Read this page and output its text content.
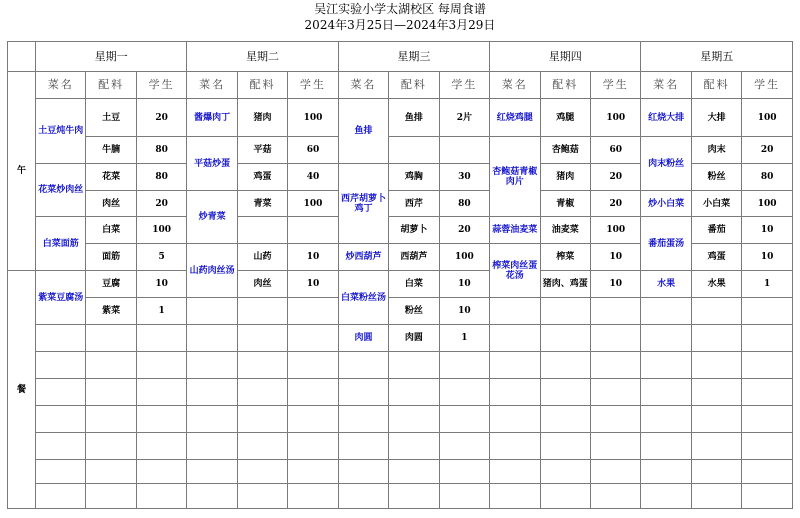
吴江实验小学太湖校区 每周食谱
2024年3月25日—2024年3月29日
	星期一			星期二			星期三			星期四			星期五		
午	菜名	配料	学生	菜名	配料	学生	菜名	配料	学生	菜名	配料	学生	菜名	配料	学生
	土豆炖牛肉	土豆	20	酱爆肉丁	猪肉	100	鱼排	鱼排	2片	红烧鸡腿	鸡腿	100	红烧大排	大排	100
		牛腩	80	平菇炒蛋	平菇	60				杏鲍菇青椒肉片	杏鲍菇	60	肉末粉丝	肉末	20
	花菜炒肉丝	花菜	80		鸡蛋	40	西芹胡萝卜鸡丁	鸡胸	30		猪肉	20		粉丝	80
		肉丝	20	炒青菜	青菜	100		西芹	80		青椒	20	炒小白菜	小白菜	100
	白菜面筋	白菜	100					胡萝卜	20	蒜蓉油麦菜	油麦菜	100	番茄蛋汤	番茄	10
		面筋	5	山药肉丝汤	山药	10	炒西葫芦	西葫芦	100	榨菜肉丝蛋花汤	榨菜	10		鸡蛋	10
餐	紫菜豆腐汤	豆腐	10		肉丝	10	白菜粉丝汤	白菜	10		猪肉、鸡蛋	10	水果	水果	1
		紫菜	1					粉丝	10						
							肉圆	肉圆	1						
